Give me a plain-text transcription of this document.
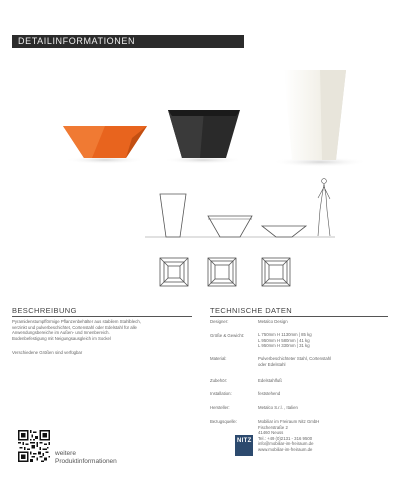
DETAILINFORMATIONEN
BESCHREIBUNG
Pyramidenstumpfförmige Pflanzenbehälter aus stabilem Stahlblech,
verzinkt und pulverbeschichtet, Cortenstahl oder Edelstahl für alle
Anwendungsbereiche im Außen- und Innenbereich.
Bodenbefestigung mit Neigungsausgleich im Sockel
Verschiedene Größen sind verfügbar
TECHNISCHE DATEN
Designer:	Metalco Design
Größe & Gewicht:	L 750mm H 1130mm | 85 kg
L 950mm H 580mm | 41 kg
L 950mm H 330mm | 31 kg
Material:	Pulverbeschichteter Stahl, Cortenstahl
oder Edelstahl
Zubehör:	Edelstahlfuß
Installation:	feststehend
Hersteller:	Metalco S.r.l. , Italien
Bezugsquelle:	Mobiliar im Freiraum Nitz GmbH
Fischerstraße 2
41460 Neuss
Tel.: +49 (0)2131 - 316 9500
info@mobiliar-im-freiraum.de
www.mobiliar-im-freiraum.de
NITZ
weitere
Produktinformationen
